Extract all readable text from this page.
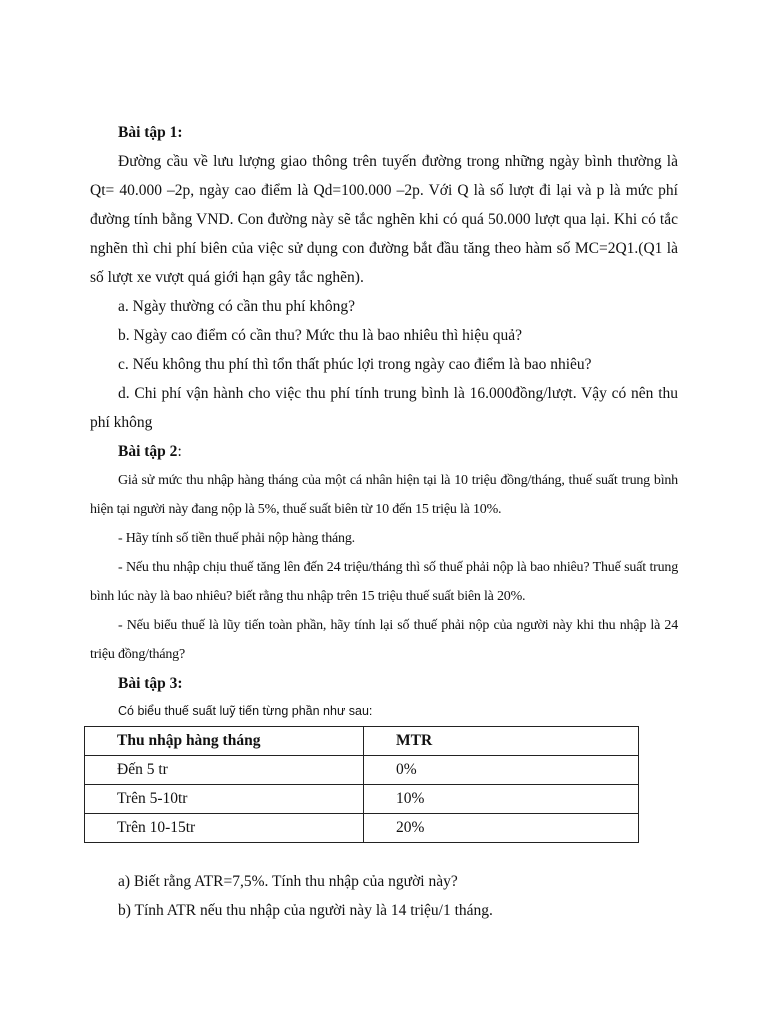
Bài tập 1:

Đường cầu về lưu lượng giao thông trên tuyến đường trong những ngày bình thường là Qt= 40.000 –2p, ngày cao điểm là Qd=100.000 –2p. Với Q là số lượt đi lại và p là mức phí đường tính bằng VND. Con đường này sẽ tắc nghẽn khi có quá 50.000 lượt qua lại. Khi có tắc nghẽn thì chi phí biên của việc sử dụng con đường bắt đầu tăng theo hàm số MC=2Q1.(Q1 là số lượt xe vượt quá giới hạn gây tắc nghẽn).

a. Ngày thường có cần thu phí không?

b. Ngày cao điểm có cần thu? Mức thu là bao nhiêu thì hiệu quả?

c. Nếu không thu phí thì tổn thất phúc lợi trong ngày cao điểm là bao nhiêu?

d. Chi phí vận hành cho việc thu phí tính trung bình là 16.000đồng/lượt. Vậy có nên thu phí không

Bài tập 2:

Giả sử mức thu nhập hàng tháng của một cá nhân hiện tại là 10 triệu đồng/tháng, thuế suất trung bình hiện tại người này đang nộp là 5%, thuế suất biên từ 10 đến 15 triệu là 10%.

- Hãy tính số tiền thuế phải nộp hàng tháng.

- Nếu thu nhập chịu thuế tăng lên đến 24 triệu/tháng thì số thuế phải nộp là bao nhiêu? Thuế suất trung bình lúc này là bao nhiêu? biết rằng thu nhập trên 15 triệu thuế suất biên là 20%.

- Nếu biểu thuế là lũy tiến toàn phần, hãy tính lại số thuế phải nộp của người này khi thu nhập là 24 triệu đồng/tháng?

Bài tập 3:

Có biểu thuế suất luỹ tiến từng phần như sau:

Thu nhập hàng tháng	MTR
Đến 5 tr	0%
Trên 5-10tr	10%
Trên 10-15tr	20%

a) Biết rằng ATR=7,5%. Tính thu nhập của người này?

b) Tính ATR nếu thu nhập của người này là 14 triệu/1 tháng.
